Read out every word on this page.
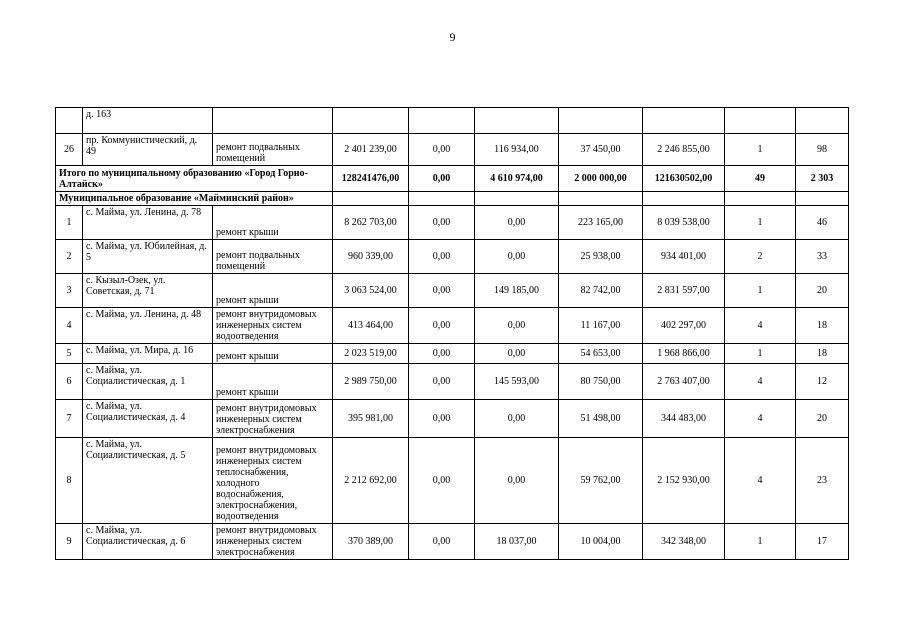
9
	д. 163								
26	пр. Коммунистический, д. 49	ремонт подвальных помещений	2 401 239,00	0,00	116 934,00	37 450,00	2 246 855,00	1	98
Итого по муниципальному образованию «Город Горно-Алтайск»			128241476,00	0,00	4 610 974,00	2 000 000,00	121630502,00	49	2 303
Муниципальное образование «Майминский район»									
1	с. Майма, ул. Ленина, д. 78	ремонт крыши	8 262 703,00	0,00	0,00	223 165,00	8 039 538,00	1	46
2	с. Майма, ул. Юбилейная, д. 5	ремонт подвальных помещений	960 339,00	0,00	0,00	25 938,00	934 401,00	2	33
3	с. Кызыл-Озек, ул. Советская, д. 71	ремонт крыши	3 063 524,00	0,00	149 185,00	82 742,00	2 831 597,00	1	20
4	с. Майма, ул. Ленина, д. 48	ремонт внутридомовых инженерных систем водоотведения	413 464,00	0,00	0,00	11 167,00	402 297,00	4	18
5	с. Майма, ул. Мира, д. 16	ремонт крыши	2 023 519,00	0,00	0,00	54 653,00	1 968 866,00	1	18
6	с. Майма, ул. Социалистическая, д. 1	ремонт крыши	2 989 750,00	0,00	145 593,00	80 750,00	2 763 407,00	4	12
7	с. Майма, ул. Социалистическая, д. 4	ремонт внутридомовых инженерных систем электроснабжения	395 981,00	0,00	0,00	51 498,00	344 483,00	4	20
8	с. Майма, ул. Социалистическая, д. 5	ремонт внутридомовых инженерных систем теплоснабжения, холодного водоснабжения, электроснабжения, водоотведения	2 212 692,00	0,00	0,00	59 762,00	2 152 930,00	4	23
9	с. Майма, ул. Социалистическая, д. 6	ремонт внутридомовых инженерных систем электроснабжения	370 389,00	0,00	18 037,00	10 004,00	342 348,00	1	17
